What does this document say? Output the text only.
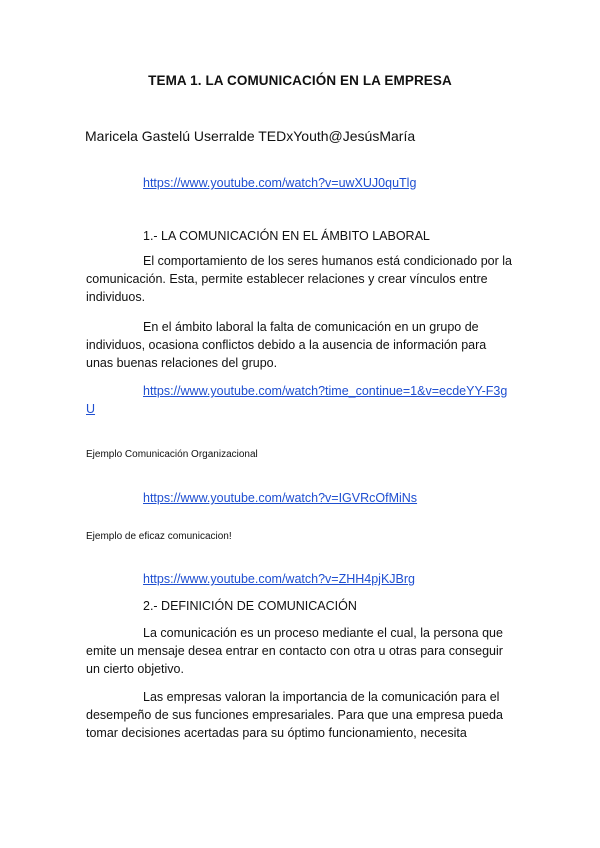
TEMA 1. LA COMUNICACIÓN EN LA EMPRESA
Maricela Gastelú Userralde TEDxYouth@JesúsMaría
https://www.youtube.com/watch?v=uwXUJ0quTlg
1.- LA COMUNICACIÓN EN EL ÁMBITO LABORAL
El comportamiento de los seres humanos está condicionado por la comunicación. Esta, permite establecer relaciones y crear vínculos entre individuos.
En el ámbito laboral la falta de comunicación en un grupo de individuos, ocasiona conflictos debido a la ausencia de información para unas buenas relaciones del grupo.
https://www.youtube.com/watch?time_continue=1&v=ecdeYY-F3gU
Ejemplo Comunicación Organizacional
https://www.youtube.com/watch?v=IGVRcOfMiNs
Ejemplo de eficaz comunicacion!
https://www.youtube.com/watch?v=ZHH4pjKJBrg
2.- DEFINICIÓN DE COMUNICACIÓN
La comunicación es un proceso mediante el cual, la persona que emite un mensaje desea entrar en contacto con otra u otras para conseguir un cierto objetivo.
Las empresas valoran la importancia de la comunicación para el desempeño de sus funciones empresariales. Para que una empresa pueda tomar decisiones acertadas para su óptimo funcionamiento, necesita
